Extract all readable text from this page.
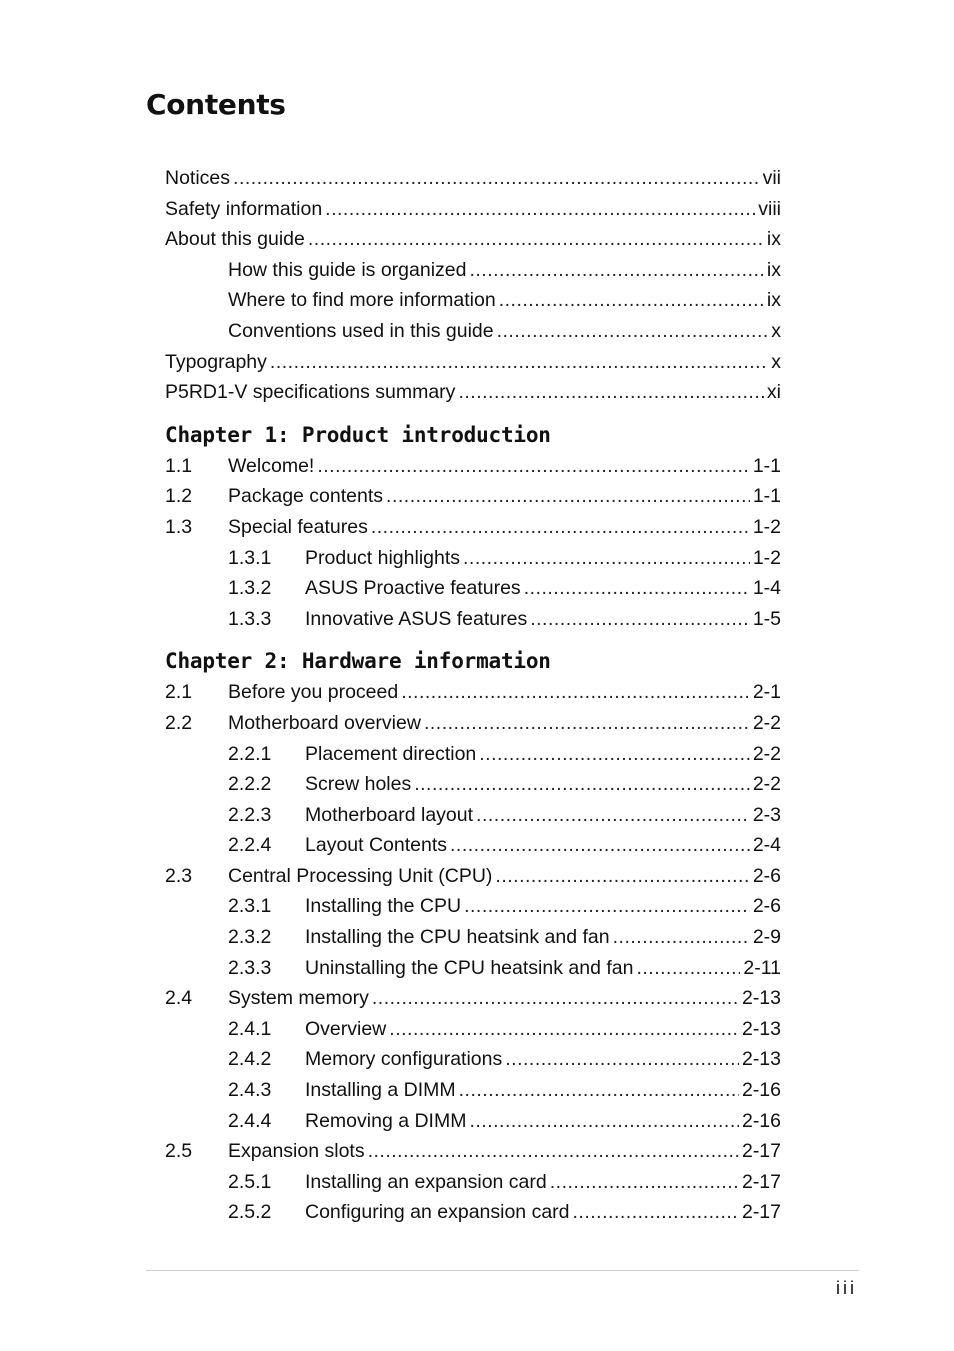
Contents
Notices .....	vii
Safety information .....	viii
About this guide .....	ix
How this guide is organized .....	ix
Where to find more information .....	ix
Conventions used in this guide .....	x
Typography .....	x
P5RD1-V specifications summary .....	xi
Chapter 1: Product introduction
1.1	Welcome! .....	1-1
1.2	Package contents .....	1-1
1.3	Special features .....	1-2
1.3.1	Product highlights .....	1-2
1.3.2	ASUS Proactive features .....	1-4
1.3.3	Innovative ASUS features .....	1-5
Chapter 2: Hardware information
2.1	Before you proceed .....	2-1
2.2	Motherboard overview .....	2-2
2.2.1	Placement direction .....	2-2
2.2.2	Screw holes .....	2-2
2.2.3	Motherboard layout .....	2-3
2.2.4	Layout Contents .....	2-4
2.3	Central Processing Unit (CPU) .....	2-6
2.3.1	Installing the CPU .....	2-6
2.3.2	Installing the CPU heatsink and fan .....	2-9
2.3.3	Uninstalling the CPU heatsink and fan .....	2-11
2.4	System memory .....	2-13
2.4.1	Overview .....	2-13
2.4.2	Memory configurations .....	2-13
2.4.3	Installing a DIMM .....	2-16
2.4.4	Removing a DIMM .....	2-16
2.5	Expansion slots .....	2-17
2.5.1	Installing an expansion card .....	2-17
2.5.2	Configuring an expansion card .....	2-17
iii
